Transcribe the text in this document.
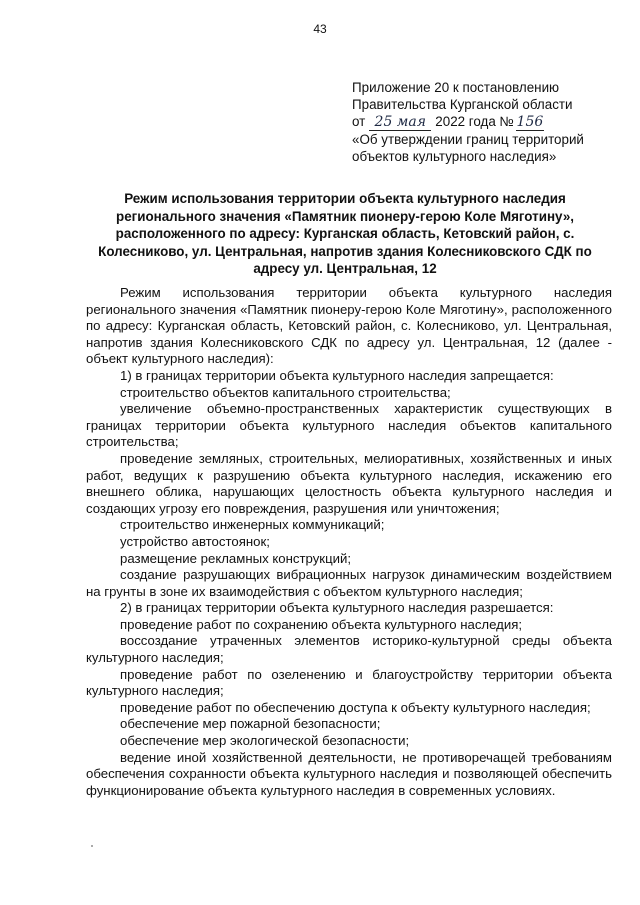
43
Приложение 20 к постановлению
Правительства Курганской области
от 25 мая 2022 года № 156
«Об утверждении границ территорий
объектов культурного наследия»
Режим использования территории объекта культурного наследия регионального значения «Памятник пионеру-герою Коле Мяготину», расположенного по адресу: Курганская область, Кетовский район, с. Колесниково, ул. Центральная, напротив здания Колесниковского СДК по адресу ул. Центральная, 12

Режим использования территории объекта культурного наследия регионального значения «Памятник пионеру-герою Коле Мяготину», расположенного по адресу: Курганская область, Кетовский район, с. Колесниково, ул. Центральная, напротив здания Колесниковского СДК по адресу ул. Центральная, 12 (далее - объект культурного наследия):

1) в границах территории объекта культурного наследия запрещается:

строительство объектов капитального строительства;

увеличение объемно-пространственных характеристик существующих в границах территории объекта культурного наследия объектов капитального строительства;

проведение земляных, строительных, мелиоративных, хозяйственных и иных работ, ведущих к разрушению объекта культурного наследия, искажению его внешнего облика, нарушающих целостность объекта культурного наследия и создающих угрозу его повреждения, разрушения или уничтожения;

строительство инженерных коммуникаций;

устройство автостоянок;

размещение рекламных конструкций;

создание разрушающих вибрационных нагрузок динамическим воздействием на грунты в зоне их взаимодействия с объектом культурного наследия;

2) в границах территории объекта культурного наследия разрешается:

проведение работ по сохранению объекта культурного наследия;

воссоздание утраченных элементов историко-культурной среды объекта культурного наследия;

проведение работ по озеленению и благоустройству территории объекта культурного наследия;

проведение работ по обеспечению доступа к объекту культурного наследия;

обеспечение мер пожарной безопасности;

обеспечение мер экологической безопасности;

ведение иной хозяйственной деятельности, не противоречащей требованиям обеспечения сохранности объекта культурного наследия и позволяющей обеспечить функционирование объекта культурного наследия в современных условиях.
